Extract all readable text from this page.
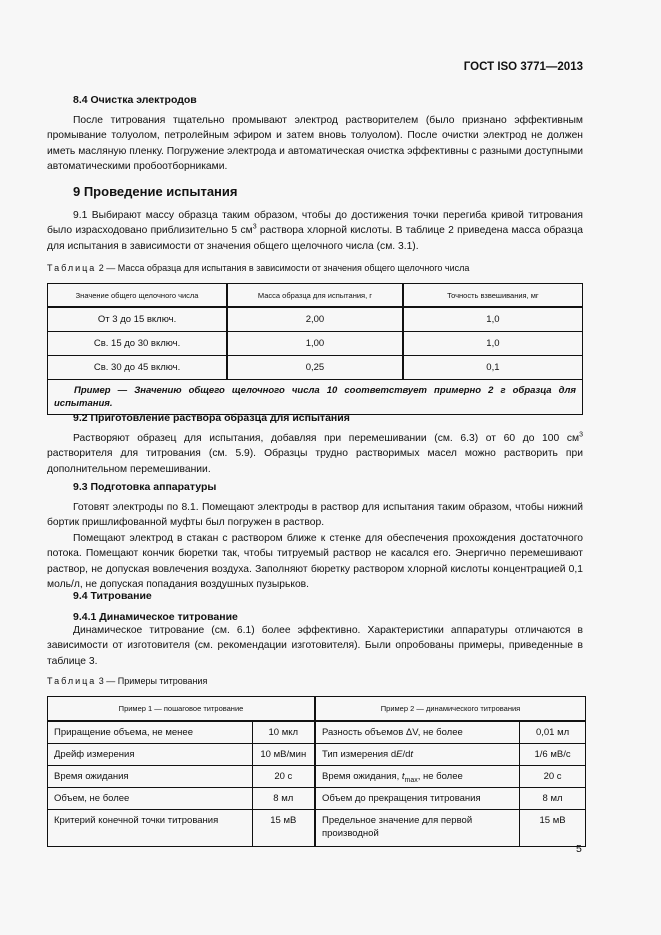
ГОСТ ISO 3771—2013
8.4 Очистка электродов

После титрования тщательно промывают электрод растворителем (было признано эффективным промывание толуолом, петролейным эфиром и затем вновь толуолом). После очистки электрод не должен иметь масляную пленку. Погружение электрода и автоматическая очистка эффективны с разными доступными автоматическими пробоотборниками.

9 Проведение испытания

9.1 Выбирают массу образца таким образом, чтобы до достижения точки перегиба кривой титрования было израсходовано приблизительно 5 $см^3$ раствора хлорной кислоты. В таблице 2 приведена масса образца для испытания в зависимости от значения общего щелочного числа (см. 3.1).

Таблица 2 — Масса образца для испытания в зависимости от значения общего щелочного числа
Значение общего щелочного числа	Масса образца для испытания, г	Точность взвешивания, мг
От 3 до 15 включ.	2,00	1,0
Св. 15 до 30 включ.	1,00	1,0
Св. 30 до 45 включ.	0,25	0,1
Пример — Значению общего щелочного числа 10 соответствует примерно 2 г образца для испытания.		
9.2 Приготовление раствора образца для испытания

Растворяют образец для испытания, добавляя при перемешивании (см. 6.3) от 60 до 100 $см^3$ растворителя для титрования (см. 5.9). Образцы трудно растворимых масел можно растворить при дополнительном перемешивании.

9.3 Подготовка аппаратуры

Готовят электроды по 8.1. Помещают электроды в раствор для испытания таким образом, чтобы нижний бортик пришлифованной муфты был погружен в раствор.

Помещают электрод в стакан с раствором ближе к стенке для обеспечения прохождения достаточного потока. Помещают кончик бюретки так, чтобы титруемый раствор не касался его. Энергично перемешивают раствор, не допуская вовлечения воздуха. Заполняют бюретку раствором хлорной кислоты концентрацией 0,1 моль/л, не допуская попадания воздушных пузырьков.

9.4 Титрование
9.4.1 Динамическое титрование

Динамическое титрование (см. 6.1) более эффективно. Характеристики аппаратуры отличаются в зависимости от изготовителя (см. рекомендации изготовителя). Были опробованы примеры, приведенные в таблице 3.

Таблица 3 — Примеры титрования
Пример 1 — пошаговое титрование		Пример 2 — динамического титрования	
Приращение объема, не менее	10 мкл	Разность объемов ΔV, не более	0,01 мл
Дрейф измерения	10 мВ/мин	Тип измерения dE/dt	1/6 мВ/с
Время ожидания	20 с	Время ожидания, $t_{max}$, не более	20 с
Объем, не более	8 мл	Объем до прекращения титрования	8 мл
Критерий конечной точки титрования	15 мВ	Предельное значение для первой производной	15 мВ
5
